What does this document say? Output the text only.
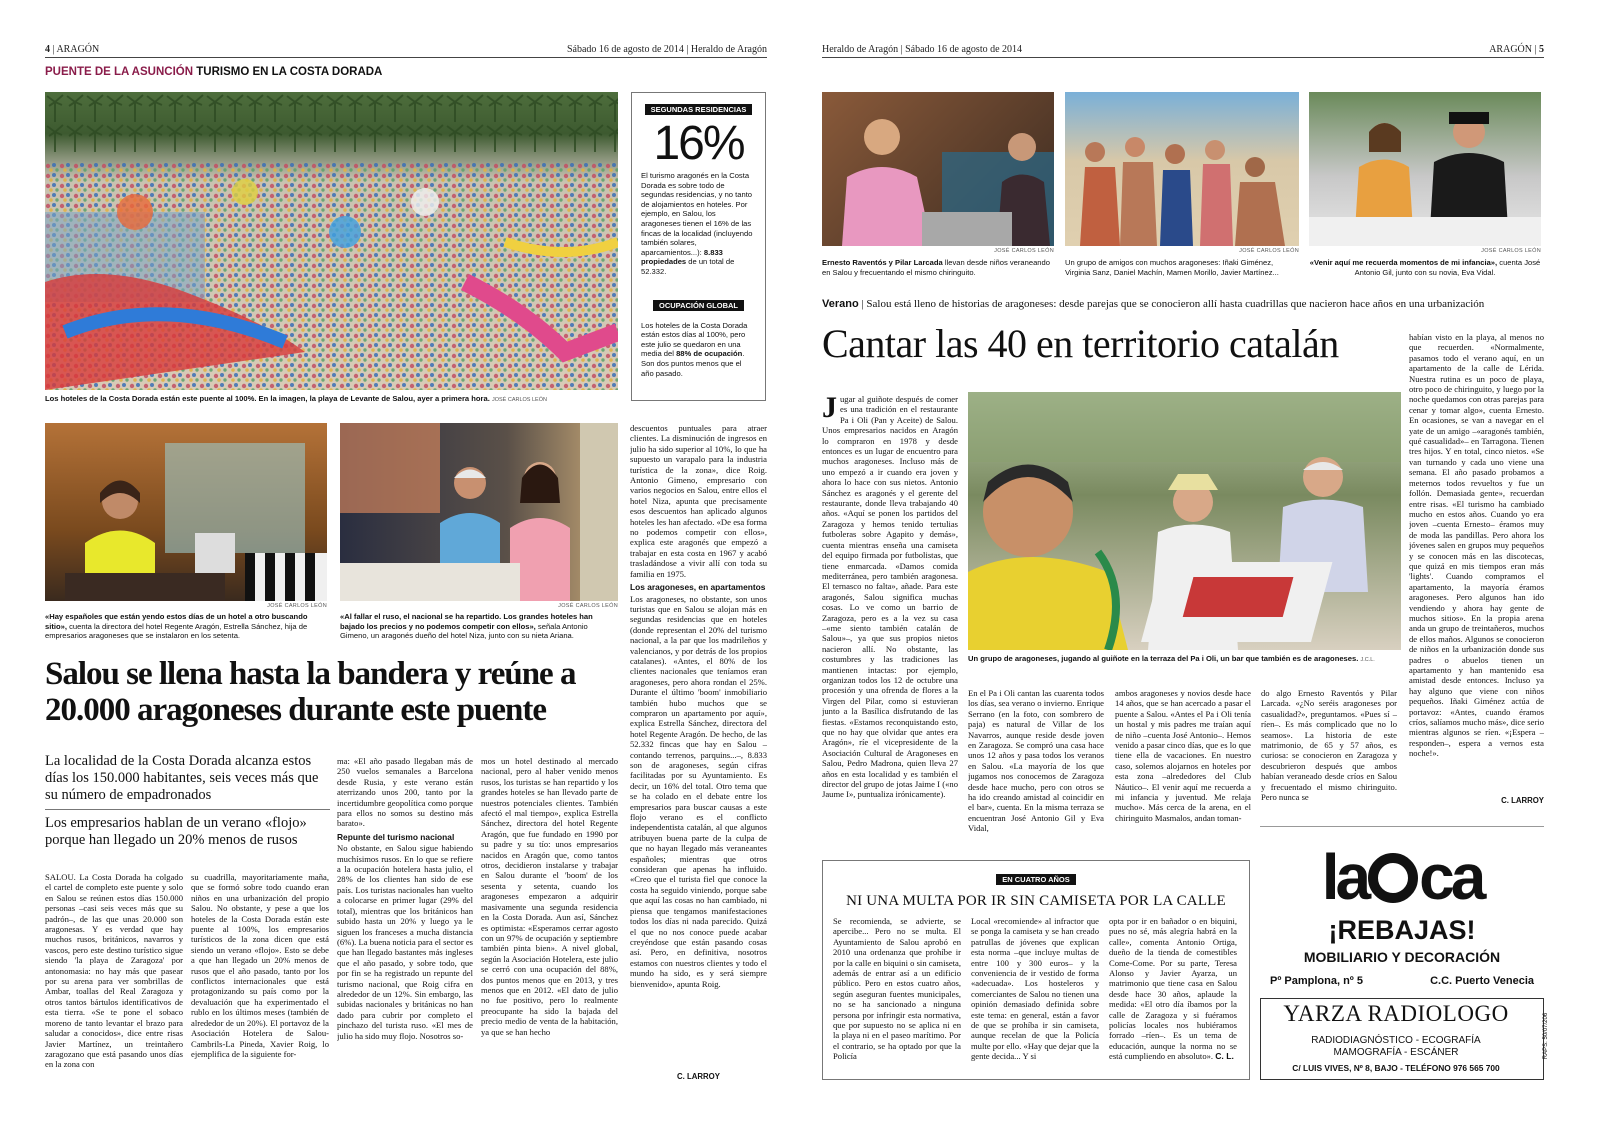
4 | ARAGÓN	Sábado 16 de agosto de 2014 | Heraldo de Aragón
PUENTE DE LA ASUNCIÓN TURISMO EN LA COSTA DORADA
Los hoteles de la Costa Dorada están este puente al 100%. En la imagen, la playa de Levante de Salou, ayer a primera hora. JOSÉ CARLOS LEÓN
SEGUNDAS RESIDENCIAS
16%
El turismo aragonés en la Costa Dorada es sobre todo de segundas residencias, y no tanto de alojamientos en hoteles. Por ejemplo, en Salou, los aragoneses tienen el 16% de las fincas de la localidad (incluyendo también solares, aparcamientos...): 8.833 propiedades de un total de 52.332.
OCUPACIÓN GLOBAL
Los hoteles de la Costa Dorada están estos días al 100%, pero este julio se quedaron en una media del 88% de ocupación. Son dos puntos menos que el año pasado.
JOSÉ CARLOS LEÓN
«Hay españoles que están yendo estos días de un hotel a otro buscando sitio», cuenta la directora del hotel Regente Aragón, Estrella Sánchez, hija de empresarios aragoneses que se instalaron en los setenta.
JOSÉ CARLOS LEÓN
«Al fallar el ruso, el nacional se ha repartido. Los grandes hoteles han bajado los precios y no podemos competir con ellos», señala Antonio Gimeno, un aragonés dueño del hotel Niza, junto con su nieta Ariana.
Salou se llena hasta la bandera y reúne a 20.000 aragoneses durante este puente
La localidad de la Costa Dorada alcanza estos días los 150.000 habitantes, seis veces más que su número de empadronados
Los empresarios hablan de un verano «flojo» porque han llegado un 20% menos de rusos

SALOU. La Costa Dorada ha colgado el cartel de completo este puente y solo en Salou se reúnen estos días 150.000 personas –casi seis veces más que su padrón–, de las que unas 20.000 son aragonesas. Y es verdad que hay muchos rusos, británicos, navarros y vascos, pero este destino turístico sigue siendo 'la playa de Zaragoza' por antonomasia: no hay más que pasear por su arena para ver sombrillas de Ambar, toallas del Real Zaragoza y otros tantos bártulos identificativos de esta tierra. «Se te pone el sobaco moreno de tanto levantar el brazo para saludar a conocidos», dice entre risas Javier Martínez, un treintañero zaragozano que está pasando unos días en la zona con

su cuadrilla, mayoritariamente maña, que se formó sobre todo cuando eran niños en una urbanización del propio Salou. No obstante, y pese a que los hoteles de la Costa Dorada están este puente al 100%, los empresarios turísticos de la zona dicen que está siendo un verano «flojo». Esto se debe a que han llegado un 20% menos de rusos que el año pasado, tanto por los conflictos internacionales que está protagonizando su país como por la devaluación que ha experimentado el rublo en los últimos meses (también de alrededor de un 20%). El portavoz de la Asociación Hotelera de Salou-Cambrils-La Pineda, Xavier Roig, lo ejemplifica de la siguiente for-

ma: «El año pasado llegaban más de 250 vuelos semanales a Barcelona desde Rusia, y este verano están aterrizando unos 200, tanto por la incertidumbre geopolítica como porque para ellos no somos su destino más barato».

Repunte del turismo nacional

No obstante, en Salou sigue habiendo muchísimos rusos. En lo que se refiere a la ocupación hotelera hasta julio, el 28% de los clientes han sido de ese país. Los turistas nacionales han vuelto a colocarse en primer lugar (29% del total), mientras que los británicos han subido hasta un 20% y luego ya le siguen los franceses a mucha distancia (6%). La buena noticia para el sector es que han llegado bastantes más ingleses que el año pasado, y sobre todo, que por fin se ha registrado un repunte del turismo nacional, que Roig cifra en alrededor de un 12%. Sin embargo, las subidas nacionales y británicas no han dado para cubrir por completo el pinchazo del turista ruso. «El mes de julio ha sido muy flojo. Nosotros so-

mos un hotel destinado al mercado nacional, pero al haber venido menos rusos, los turistas se han repartido y los grandes hoteles se han llevado parte de nuestros potenciales clientes. También afectó el mal tiempo», explica Estrella Sánchez, directora del hotel Regente Aragón, que fue fundado en 1990 por su padre y su tío: unos empresarios nacidos en Aragón que, como tantos otros, decidieron instalarse y trabajar en Salou durante el 'boom' de los sesenta y setenta, cuando los aragoneses empezaron a adquirir masivamente una segunda residencia en la Costa Dorada. Aun así, Sánchez es optimista: «Esperamos cerrar agosto con un 97% de ocupación y septiembre también pinta bien». A nivel global, según la Asociación Hotelera, este julio se cerró con una ocupación del 88%, dos puntos menos que en 2013, y tres menos que en 2012. «El dato de julio no fue positivo, pero lo realmente preocupante ha sido la bajada del precio medio de venta de la habitación, ya que se han hecho

descuentos puntuales para atraer clientes. La disminución de ingresos en julio ha sido superior al 10%, lo que ha supuesto un varapalo para la industria turística de la zona», dice Roig. Antonio Gimeno, empresario con varios negocios en Salou, entre ellos el hotel Niza, apunta que precisamente esos descuentos han aplicado algunos hoteles les han afectado. «De esa forma no podemos competir con ellos», explica este aragonés que empezó a trabajar en esta costa en 1967 y acabó trasladándose a vivir allí con toda su familia en 1975.

Los aragoneses, en apartamentos

Los aragoneses, no obstante, son unos turistas que en Salou se alojan más en segundas residencias que en hoteles (donde representan el 20% del turismo nacional, a la par que los madrileños y valencianos, y por detrás de los propios catalanes). «Antes, el 80% de los clientes nacionales que teníamos eran aragoneses, pero ahora rondan el 25%. Durante el último 'boom' inmobiliario también hubo muchos que se compraron un apartamento por aquí», explica Estrella Sánchez, directora del hotel Regente Aragón. De hecho, de las 52.332 fincas que hay en Salou –contando terrenos, parquins...–, 8.833 son de aragoneses, según cifras facilitadas por su Ayuntamiento. Es decir, un 16% del total. Otro tema que se ha colado en el debate entre los empresarios para buscar causas a este flojo verano es el conflicto independentista catalán, al que algunos atribuyen buena parte de la culpa de que no hayan llegado más veraneantes españoles; mientras que otros consideran que apenas ha influido. «Creo que el turista fiel que conoce la costa ha seguido viniendo, porque sabe que aquí las cosas no han cambiado, ni piensa que tengamos manifestaciones todos los días ni nada parecido. Quizá el que no nos conoce puede acabar creyéndose que están pasando cosas así. Pero, en definitiva, nosotros estamos con nuestros clientes y todo el mundo ha sido, es y será siempre bienvenido», apunta Roig.

C. LARROY
Heraldo de Aragón | Sábado 16 de agosto de 2014	ARAGÓN | 5
JOSÉ CARLOS LEÓN	JOSÉ CARLOS LEÓN	JOSÉ CARLOS LEÓN
Ernesto Raventós y Pilar Larcada llevan desde niños veraneando en Salou y frecuentando el mismo chiringuito.
Un grupo de amigos con muchos aragoneses: Iñaki Giménez, Virginia Sanz, Daniel Machín, Mamen Morillo, Javier Martínez...
«Venir aquí me recuerda momentos de mi infancia», cuenta José Antonio Gil, junto con su novia, Eva Vidal.
Verano | Salou está lleno de historias de aragoneses: desde parejas que se conocieron allí hasta cuadrillas que nacieron hace años en una urbanización
Cantar las 40 en territorio catalán
Un grupo de aragoneses, jugando al guiñote en la terraza del Pa i Oli, un bar que también es de aragoneses. J.C.L.
J ugar al guiñote después de comer es una tradición en el restaurante Pa i Oli (Pan y Aceite) de Salou. Unos empresarios nacidos en Aragón lo compraron en 1978 y desde entonces es un lugar de encuentro para muchos aragoneses. Incluso más de uno empezó a ir cuando era joven y ahora lo hace con sus nietos. Antonio Sánchez es aragonés y el gerente del restaurante, donde lleva trabajando 40 años. «Aquí se ponen los partidos del Zaragoza y hemos tenido tertulias futboleras sobre Agapito y demás», cuenta mientras enseña una camiseta del equipo firmada por futbolistas, que tiene enmarcada. «Damos comida mediterránea, pero también aragonesa. El ternasco no falta», añade. Para este aragonés, Salou significa muchas cosas. Lo ve como un barrio de Zaragoza, pero es a la vez su casa –«me siento también catalán de Salou»–, ya que sus propios nietos nacieron allí. No obstante, las costumbres y las tradiciones las mantienen intactas: por ejemplo, organizan todos los 12 de octubre una procesión y una ofrenda de flores a la Virgen del Pilar, como si estuvieran junto a la Basílica disfrutando de las fiestas. «Estamos reconquistando esto, que no hay que olvidar que antes era Aragón», ríe el vicepresidente de la Asociación Cultural de Aragoneses en Salou, Pedro Madrona, quien lleva 27 años en esta localidad y es también el director del grupo de jotas Jaime I («no Jaume I», puntualiza irónicamente).

En el Pa i Oli cantan las cuarenta todos los días, sea verano o invierno. Enrique Serrano (en la foto, con sombrero de paja) es natural de Villar de los Navarros, aunque reside desde joven en Zaragoza. Se compró una casa hace unos 12 años y pasa todos los veranos en Salou. «La mayoría de los que jugamos nos conocemos de Zaragoza desde hace mucho, pero con otros se ha ido creando amistad al coincidir en el bar», cuenta. En la misma terraza se encuentran José Antonio Gil y Eva Vidal,

ambos aragoneses y novios desde hace 14 años, que se han acercado a pasar el puente a Salou. «Antes el Pa i Oli tenía un hostal y mis padres me traían aquí de niño –cuenta José Antonio–. Hemos venido a pasar cinco días, que es lo que tiene ella de vacaciones. En nuestro caso, solemos alojarnos en hoteles por esta zona –alrededores del Club Náutico–. El venir aquí me recuerda a mi infancia y juventud. Me relaja mucho». Más cerca de la arena, en el chiringuito Masmalos, andan toman-

do algo Ernesto Raventós y Pilar Larcada. «¿No seréis aragoneses por casualidad?», preguntamos. «Pues sí –ríen–. Es más complicado que no lo seamos». La historia de este matrimonio, de 65 y 57 años, es curiosa: se conocieron en Zaragoza y descubrieron después que ambos habían veraneado desde críos en Salou y frecuentado el mismo chiringuito. Pero nunca se

habían visto en la playa, al menos no que recuerden. «Normalmente, pasamos todo el verano aquí, en un apartamento de la calle de Lérida. Nuestra rutina es un poco de playa, otro poco de chiringuito, y luego por la noche quedamos con otras parejas para cenar y tomar algo», cuenta Ernesto. En ocasiones, se van a navegar en el yate de un amigo –«aragonés también, qué casualidad»– en Tarragona. Tienen tres hijos. Y en total, cinco nietos. «Se van turnando y cada uno viene una semana. El año pasado probamos a meternos todos revueltos y fue un follón. Demasiada gente», recuerdan entre risas. «El turismo ha cambiado mucho en estos años. Cuando yo era joven –cuenta Ernesto– éramos muy de moda las pandillas. Pero ahora los jóvenes salen en grupos muy pequeños y se conocen más en las discotecas, que quizá en mis tiempos eran más 'lights'. Cuando compramos el apartamento, la mayoría éramos aragoneses. Pero algunos han ido vendiendo y ahora hay gente de muchos sitios». En la propia arena anda un grupo de treintañeros, muchos de ellos maños. Algunos se conocieron de niños en la urbanización donde sus padres o abuelos tienen un apartamento y han mantenido esa amistad desde entonces. Incluso ya hay alguno que viene con niños pequeños. Iñaki Giménez actúa de portavoz: «Antes, cuando éramos críos, salíamos mucho más», dice serio mientras algunos se ríen. «¡Espera –responden–, espera a vernos esta noche!».

C. LARROY
EN CUATRO AÑOS
NI UNA MULTA POR IR SIN CAMISETA POR LA CALLE
Se recomienda, se advierte, se apercibe... Pero no se multa. El Ayuntamiento de Salou aprobó en 2010 una ordenanza que prohíbe ir por la calle en biquini o sin camiseta, además de entrar así a un edificio público. Pero en estos cuatro años, según aseguran fuentes municipales, no se ha sancionado a ninguna persona por infringir esta normativa, que por supuesto no se aplica ni en la playa ni en el paseo marítimo. Por el contrario, se ha optado por que la Policía
Local «recomiende» al infractor que se ponga la camiseta y se han creado patrullas de jóvenes que explican esta norma –que incluye multas de entre 100 y 300 euros– y la conveniencia de ir vestido de forma «adecuada». Los hosteleros y comerciantes de Salou no tienen una opinión demasiado definida sobre este tema: en general, están a favor de que se prohíba ir sin camiseta, aunque recelan de que la Policía multe por ello. «Hay que dejar que la gente decida... Y si
opta por ir en bañador o en biquini, pues no sé, más alegría habrá en la calle», comenta Antonio Ortiga, dueño de la tienda de comestibles Come-Come. Por su parte, Teresa Alonso y Javier Ayarza, un matrimonio que tiene casa en Salou desde hace 30 años, aplaude la medida: «El otro día íbamos por la calle de Zaragoza y si fuéramos policías locales nos hubiéramos forrado –ríen–. Es un tema de educación, aunque la norma no se está cumpliendo en absoluto». C. L.
la ca
¡REBAJAS!
MOBILIARIO Y DECORACIÓN
Pº Pamplona, nº 5	C.C. Puerto Venecia
YARZA RADIOLOGO
RADIODIAGNÓSTICO - ECOGRAFÍA
MAMOGRAFÍA - ESCÁNER
C/ LUIS VIVES, Nº 8, BAJO - TELÉFONO 976 565 700
RAPS: 50/07/206
